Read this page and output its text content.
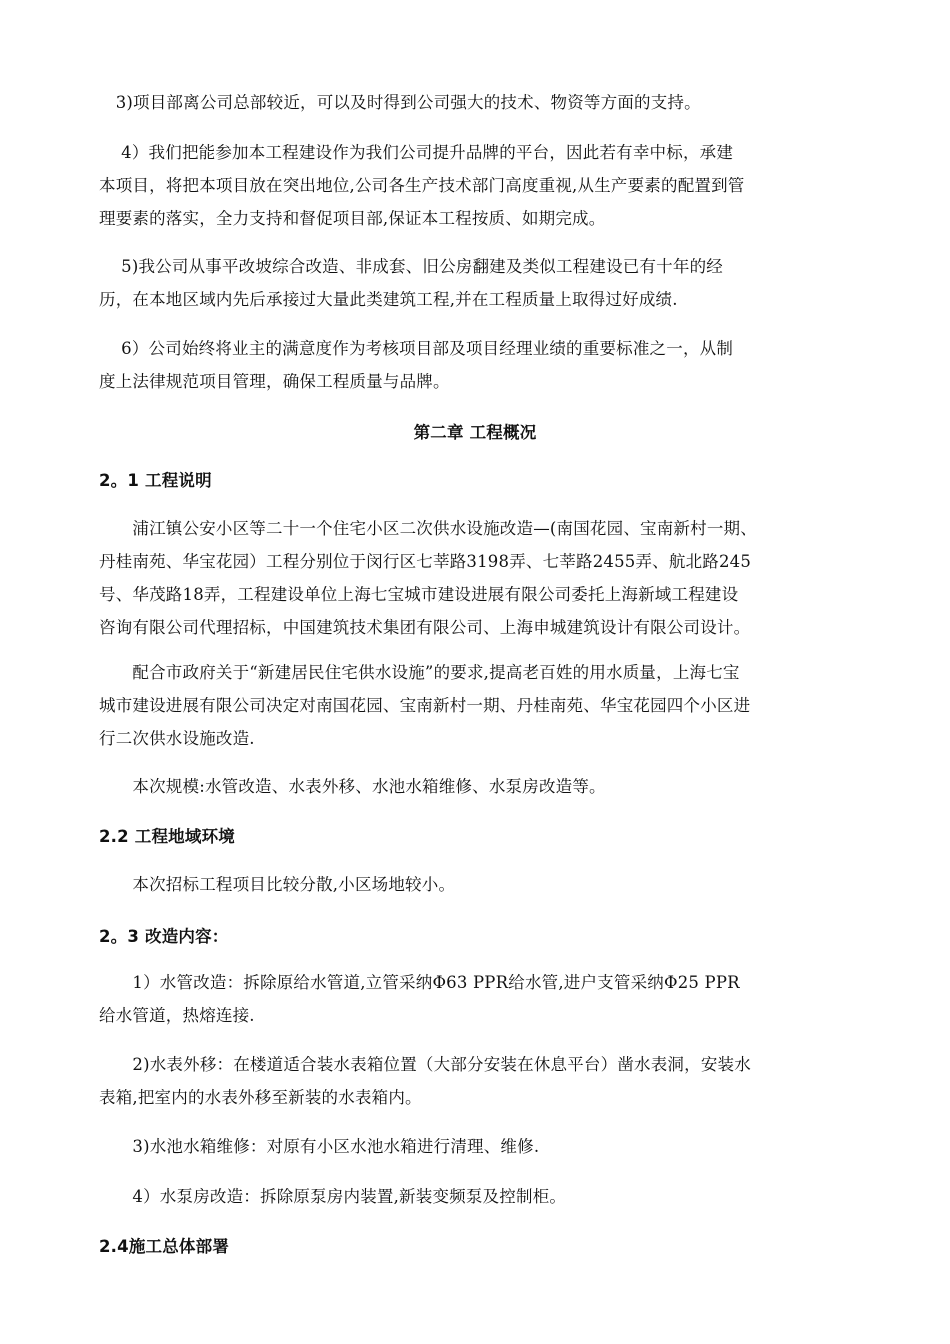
　3)项目部离公司总部较近，可以及时得到公司强大的技术、物资等方面的支持。

　 4）我们把能参加本工程建设作为我们公司提升品牌的平台，因此若有幸中标，承建
本项目，将把本项目放在突出地位,公司各生产技术部门高度重视,从生产要素的配置到管
理要素的落实，全力支持和督促项目部,保证本工程按质、如期完成。

　 5)我公司从事平改坡综合改造、非成套、旧公房翻建及类似工程建设已有十年的经
历，在本地区域内先后承接过大量此类建筑工程,并在工程质量上取得过好成绩.

　 6）公司始终将业主的满意度作为考核项目部及项目经理业绩的重要标准之一，从制
度上法律规范项目管理，确保工程质量与品牌。

第二章 工程概况

2。1 工程说明

　　浦江镇公安小区等二十一个住宅小区二次供水设施改造—(南国花园、宝南新村一期、
丹桂南苑、华宝花园）工程分别位于闵行区七莘路3198弄、七莘路2455弄、航北路245
号、华茂路18弄，工程建设单位上海七宝城市建设进展有限公司委托上海新域工程建设
咨询有限公司代理招标，中国建筑技术集团有限公司、上海申城建筑设计有限公司设计。

　　配合市政府关于“新建居民住宅供水设施”的要求,提高老百姓的用水质量，上海七宝
城市建设进展有限公司决定对南国花园、宝南新村一期、丹桂南苑、华宝花园四个小区进
行二次供水设施改造.

　　本次规模:水管改造、水表外移、水池水箱维修、水泵房改造等。

2.2 工程地域环境

　　本次招标工程项目比较分散,小区场地较小。

2。3 改造内容：

　　1）水管改造：拆除原给水管道,立管采纳Φ63 PPR给水管,进户支管采纳Φ25 PPR
给水管道，热熔连接.

　　2)水表外移：在楼道适合装水表箱位置（大部分安装在休息平台）凿水表洞，安装水
表箱,把室内的水表外移至新装的水表箱内。

　　3)水池水箱维修：对原有小区水池水箱进行清理、维修.

　　4）水泵房改造：拆除原泵房内装置,新装变频泵及控制柜。

2.4施工总体部署
